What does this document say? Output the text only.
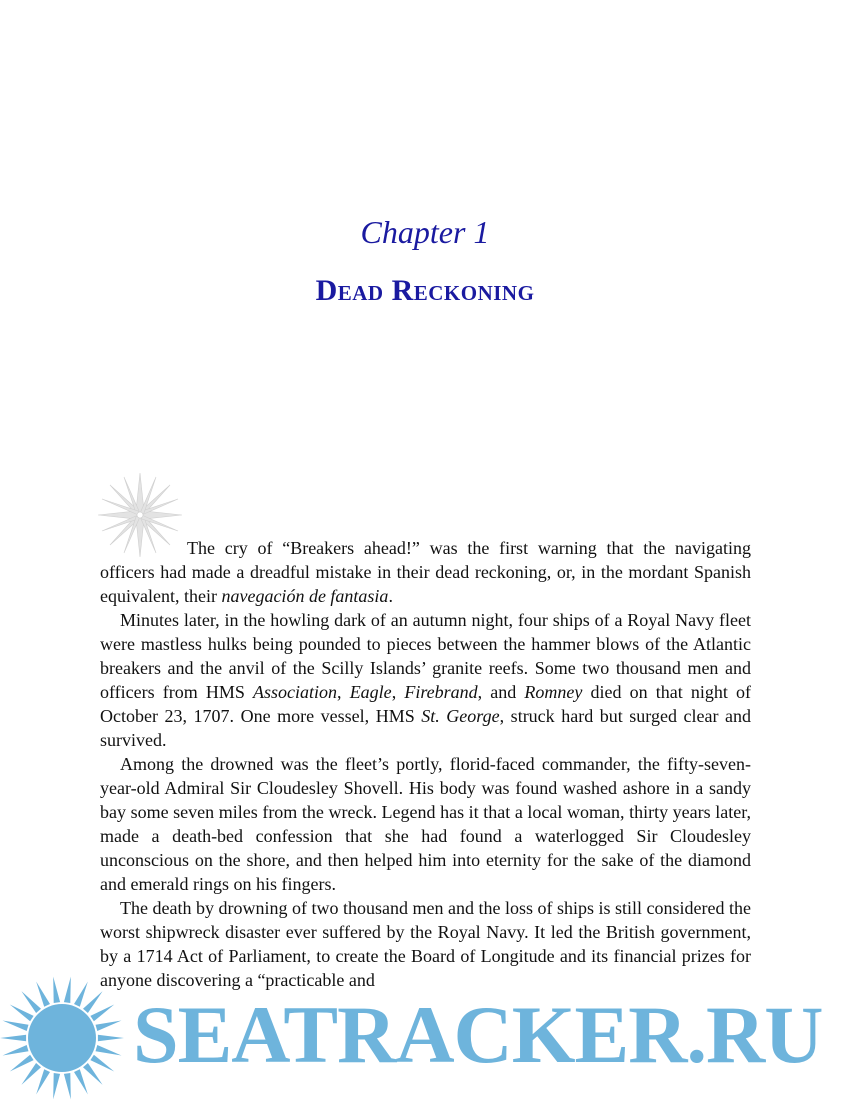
Chapter 1
Dead Reckoning

The cry of “Breakers ahead!” was the first warning that the navigating officers had made a dreadful mistake in their dead reckoning, or, in the mordant Spanish equivalent, their navegación de fantasia.

Minutes later, in the howling dark of an autumn night, four ships of a Royal Navy fleet were mastless hulks being pounded to pieces between the hammer blows of the Atlantic breakers and the anvil of the Scilly Islands’ granite reefs. Some two thousand men and officers from HMS Association, Eagle, Firebrand, and Romney died on that night of October 23, 1707. One more vessel, HMS St. George, struck hard but surged clear and survived.

Among the drowned was the fleet’s portly, florid-faced commander, the fifty-seven-year-old Admiral Sir Cloudesley Shovell. His body was found washed ashore in a sandy bay some seven miles from the wreck. Legend has it that a local woman, thirty years later, made a death-bed confession that she had found a waterlogged Sir Cloudesley unconscious on the shore, and then helped him into eternity for the sake of the diamond and emerald rings on his fingers.

The death by drowning of two thousand men and the loss of ships is still considered the worst shipwreck disaster ever suffered by the Royal Navy. It led the British government, by a 1714 Act of Parliament, to create the Board of Longitude and its financial prizes for anyone discovering a “practicable and

SEATRACKER.RU
